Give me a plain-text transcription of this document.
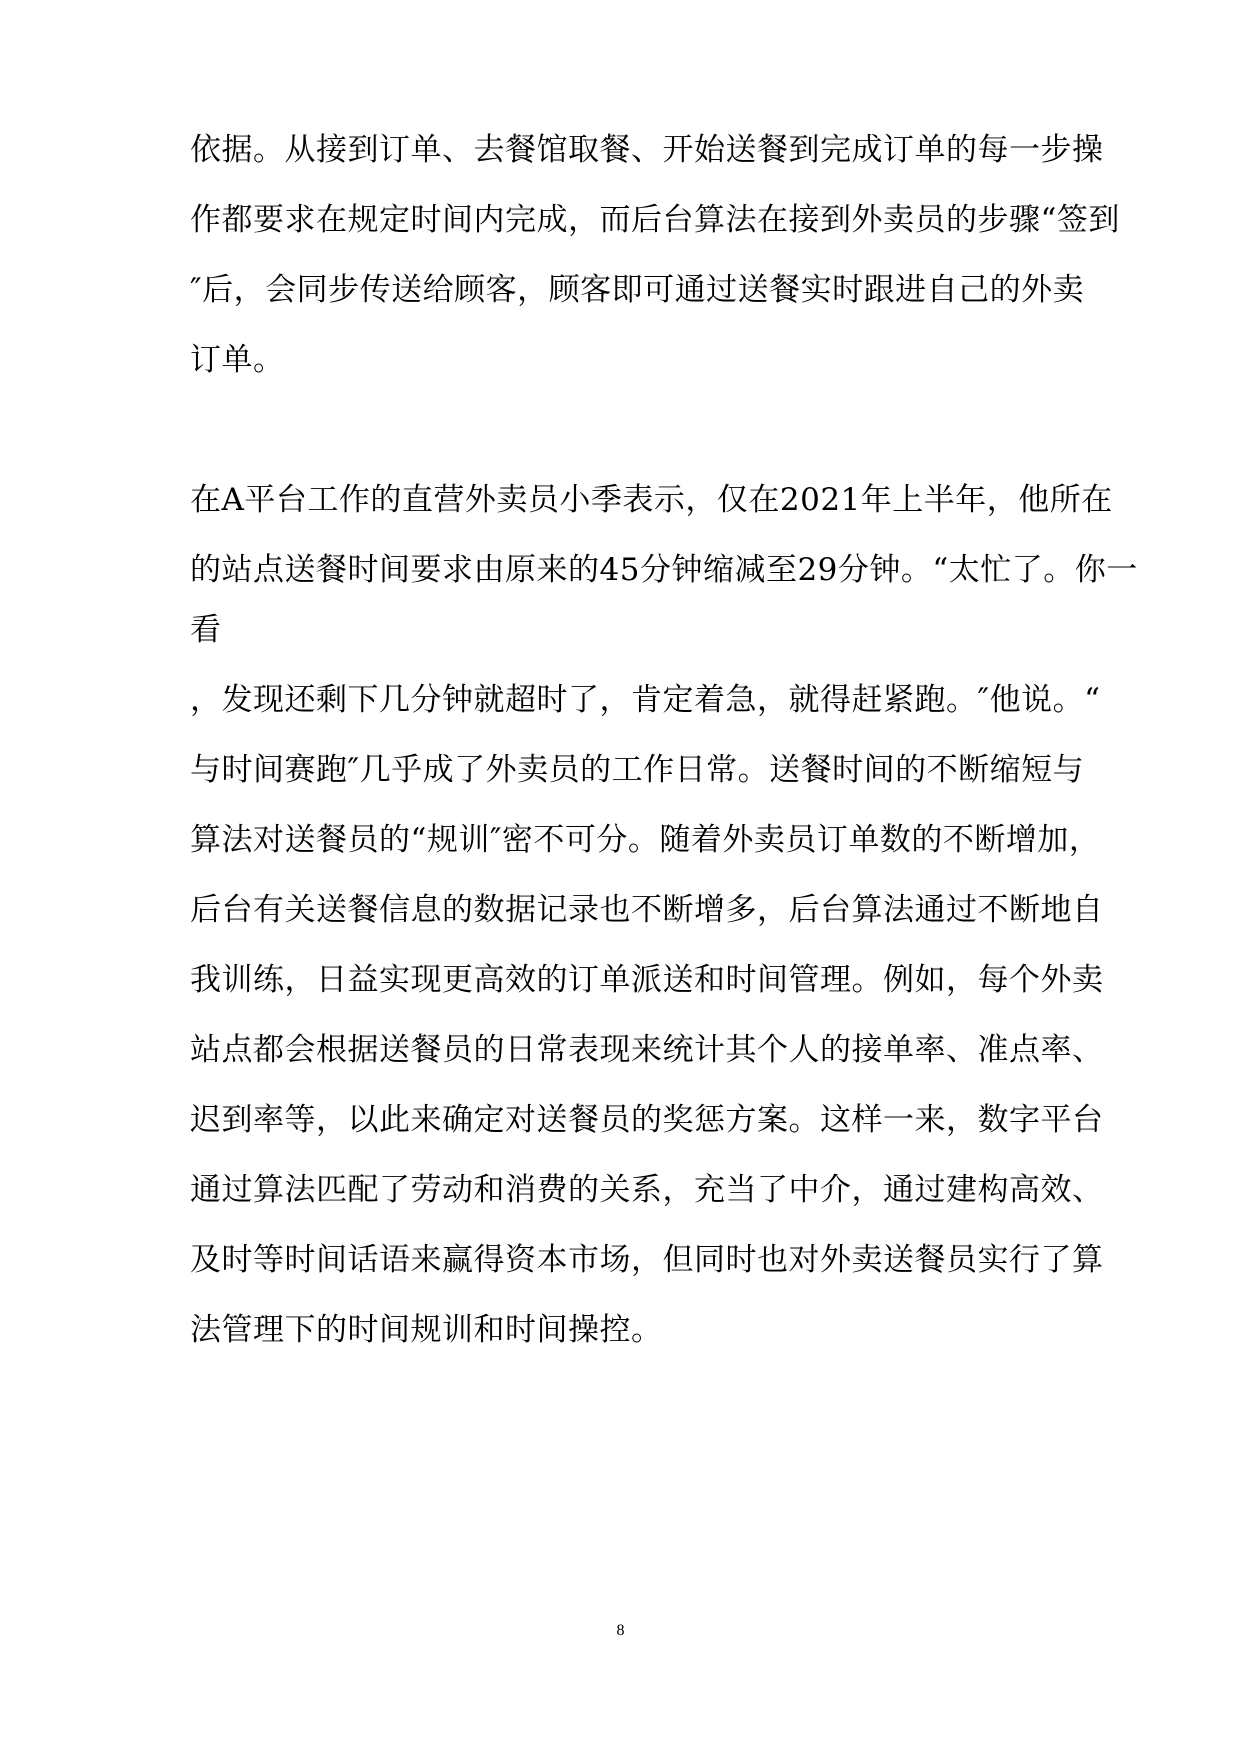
依据。从接到订单、去餐馆取餐、开始送餐到完成订单的每一步操
作都要求在规定时间内完成，而后台算法在接到外卖员的步骤“签到
″后，会同步传送给顾客，顾客即可通过送餐实时跟进自己的外卖
订单。
在A平台工作的直营外卖员小季表示，仅在2021年上半年，他所在
的站点送餐时间要求由原来的45分钟缩减至29分钟。“太忙了。你一
看
，发现还剩下几分钟就超时了，肯定着急，就得赶紧跑。″他说。“
与时间赛跑″几乎成了外卖员的工作日常。送餐时间的不断缩短与
算法对送餐员的“规训″密不可分。随着外卖员订单数的不断增加，
后台有关送餐信息的数据记录也不断增多，后台算法通过不断地自
我训练，日益实现更高效的订单派送和时间管理。例如，每个外卖
站点都会根据送餐员的日常表现来统计其个人的接单率、准点率、
迟到率等，以此来确定对送餐员的奖惩方案。这样一来，数字平台
通过算法匹配了劳动和消费的关系，充当了中介，通过建构高效、
及时等时间话语来赢得资本市场，但同时也对外卖送餐员实行了算
法管理下的时间规训和时间操控。
8
